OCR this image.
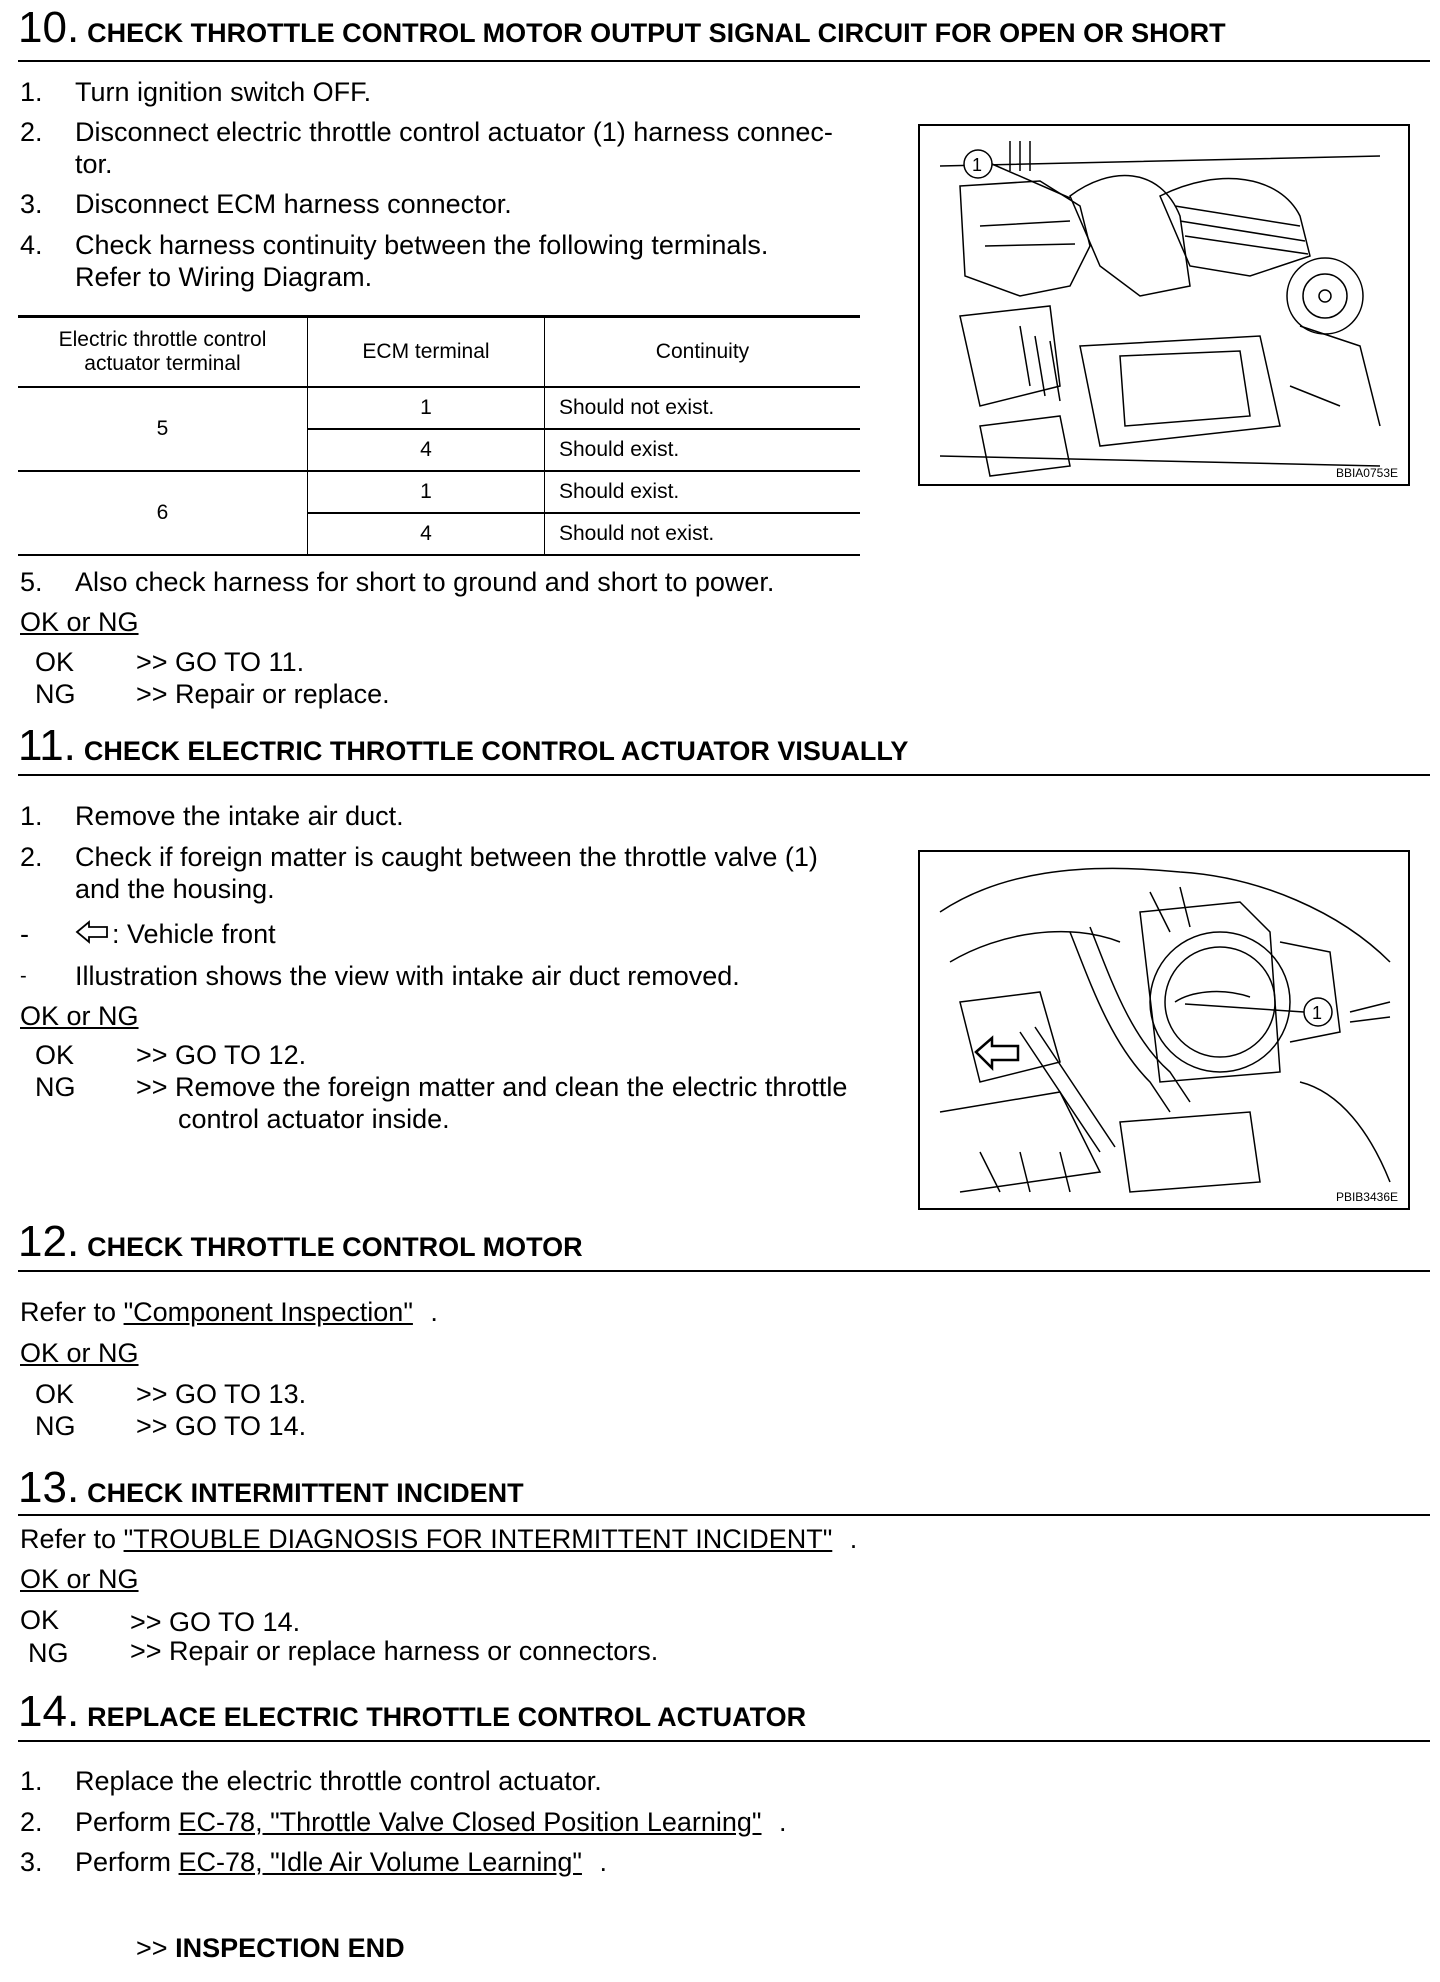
10. CHECK THROTTLE CONTROL MOTOR OUTPUT SIGNAL CIRCUIT FOR OPEN OR SHORT
1. Turn ignition switch OFF.
2. Disconnect electric throttle control actuator (1) harness connec-
tor.
3. Disconnect ECM harness connector.
4. Check harness continuity between the following terminals.
Refer to Wiring Diagram.
Electric throttle control actuator terminal	ECM terminal	Continuity
5	1	Should not exist.
	4	Should exist.
6	1	Should exist.
	4	Should not exist.
5. Also check harness for short to ground and short to power.
OK or NG
OK >> GO TO 11.
NG >> Repair or replace.
1
BBIA0753E
11. CHECK ELECTRIC THROTTLE CONTROL ACTUATOR VISUALLY
1. Remove the intake air duct.
2. Check if foreign matter is caught between the throttle valve (1)
and the housing.
-	: Vehicle front
- Illustration shows the view with intake air duct removed.
OK or NG
OK >> GO TO 12.
NG >> Remove the foreign matter and clean the electric throttle
control actuator inside.
1
PBIB3436E
12. CHECK THROTTLE CONTROL MOTOR
Refer to "Component Inspection" .
OK or NG
OK >> GO TO 13.
NG >> GO TO 14.
13. CHECK INTERMITTENT INCIDENT
Refer to "TROUBLE DIAGNOSIS FOR INTERMITTENT INCIDENT" .
OK or NG
OK	>> GO TO 14.
NG >> Repair or replace harness or connectors.
14. REPLACE ELECTRIC THROTTLE CONTROL ACTUATOR
1. Replace the electric throttle control actuator.
2. Perform EC-78, "Throttle Valve Closed Position Learning" .
3. Perform EC-78, "Idle Air Volume Learning" .
>> INSPECTION END
